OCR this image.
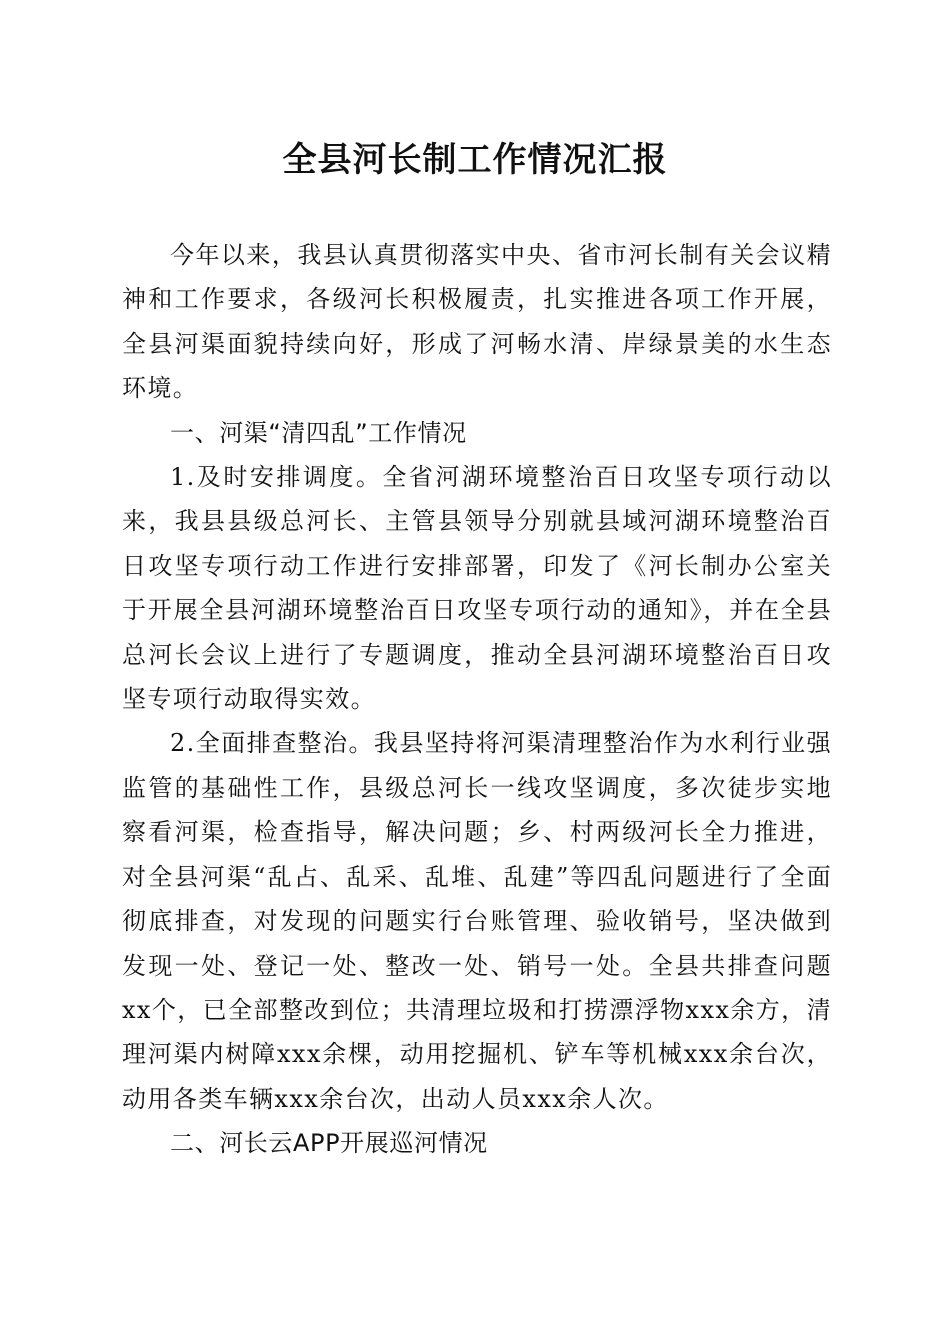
全县河长制工作情况汇报

今年以来，我县认真贯彻落实中央、省市河长制有关会议精神和工作要求，各级河长积极履责，扎实推进各项工作开展，全县河渠面貌持续向好，形成了河畅水清、岸绿景美的水生态环境。

一、河渠“清四乱”工作情况

1.及时安排调度。全省河湖环境整治百日攻坚专项行动以来，我县县级总河长、主管县领导分别就县域河湖环境整治百日攻坚专项行动工作进行安排部署，印发了《河长制办公室关于开展全县河湖环境整治百日攻坚专项行动的通知》，并在全县总河长会议上进行了专题调度，推动全县河湖环境整治百日攻坚专项行动取得实效。

2.全面排查整治。我县坚持将河渠清理整治作为水利行业强监管的基础性工作，县级总河长一线攻坚调度，多次徒步实地察看河渠，检查指导，解决问题；乡、村两级河长全力推进，对全县河渠“乱占、乱采、乱堆、乱建”等四乱问题进行了全面彻底排查，对发现的问题实行台账管理、验收销号，坚决做到发现一处、登记一处、整改一处、销号一处。全县共排查问题xx个，已全部整改到位；共清理垃圾和打捞漂浮物xxx余方，清理河渠内树障xxx余棵，动用挖掘机、铲车等机械xxx余台次，动用各类车辆xxx余台次，出动人员xxx余人次。

二、河长云APP开展巡河情况
